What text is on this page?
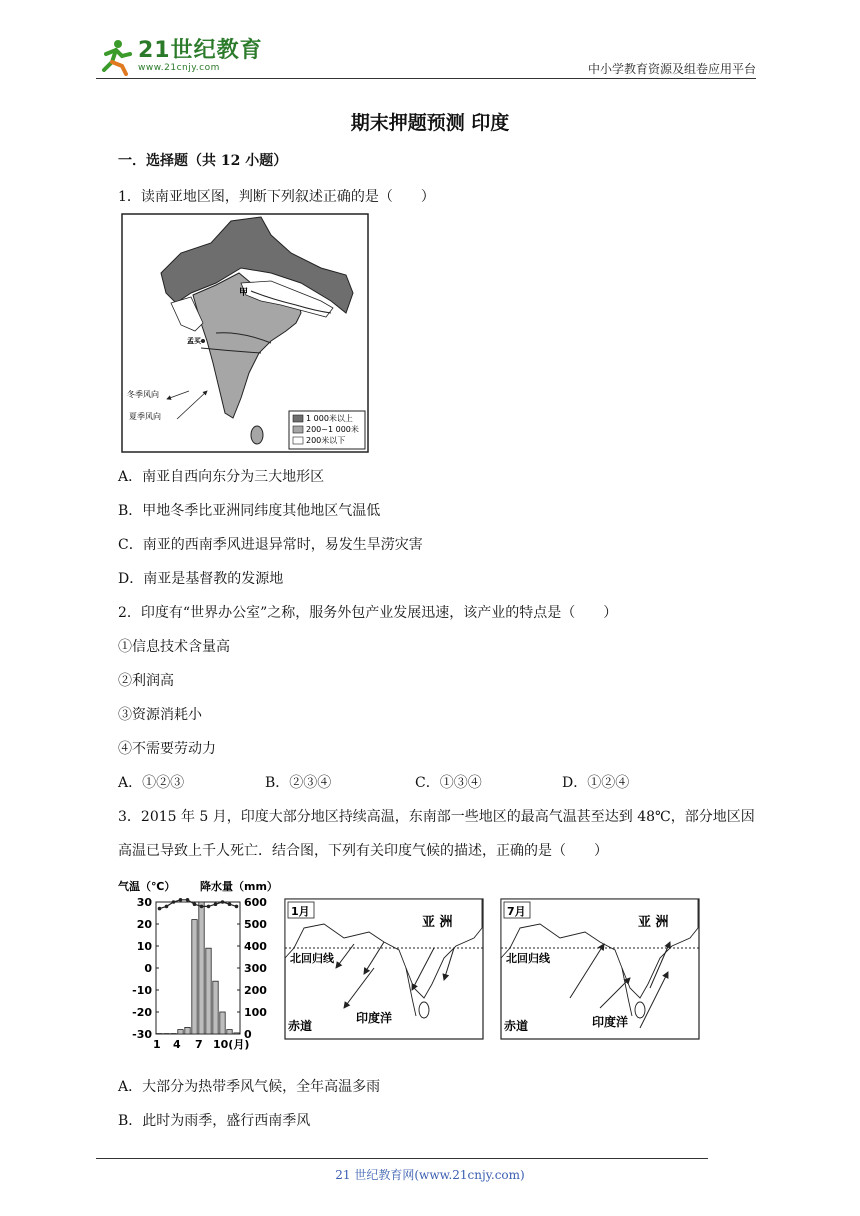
21世纪教育
www.21cnjy.com	中小学教育资源及组卷应用平台
期末押题预测 印度
一．选择题（共 12 小题）
1．读南亚地区图，判断下列叙述正确的是（　　）
甲
孟买
冬季风向
夏季风向	1 000米以上
200~1 000米
200米以下
A．南亚自西向东分为三大地形区
B．甲地冬季比亚洲同纬度其他地区气温低
C．南亚的西南季风进退异常时，易发生旱涝灾害
D．南亚是基督教的发源地
2．印度有“世界办公室”之称，服务外包产业发展迅速，该产业的特点是（　　）
①信息技术含量高
②利润高
③资源消耗小
④不需要劳动力
A．①②③	B．②③④	C．①③④	D．①②④
3．2015 年 5 月，印度大部分地区持续高温，东南部一些地区的最高气温甚至达到 48℃，部分地区因
高温已导致上千人死亡．结合图，下列有关印度气候的描述，正确的是（　　）
气温（℃） 降水量（mm）
30
20
10
0
-10
-20
-30
600
500
400
300
200
100
0
1 4 7 10(月)
1月
亚 洲
北回归线
赤道
印度洋
7月
亚 洲
北回归线
赤道	印度洋
A．大部分为热带季风气候，全年高温多雨
B．此时为雨季，盛行西南季风
21 世纪教育网(www.21cnjy.com)
